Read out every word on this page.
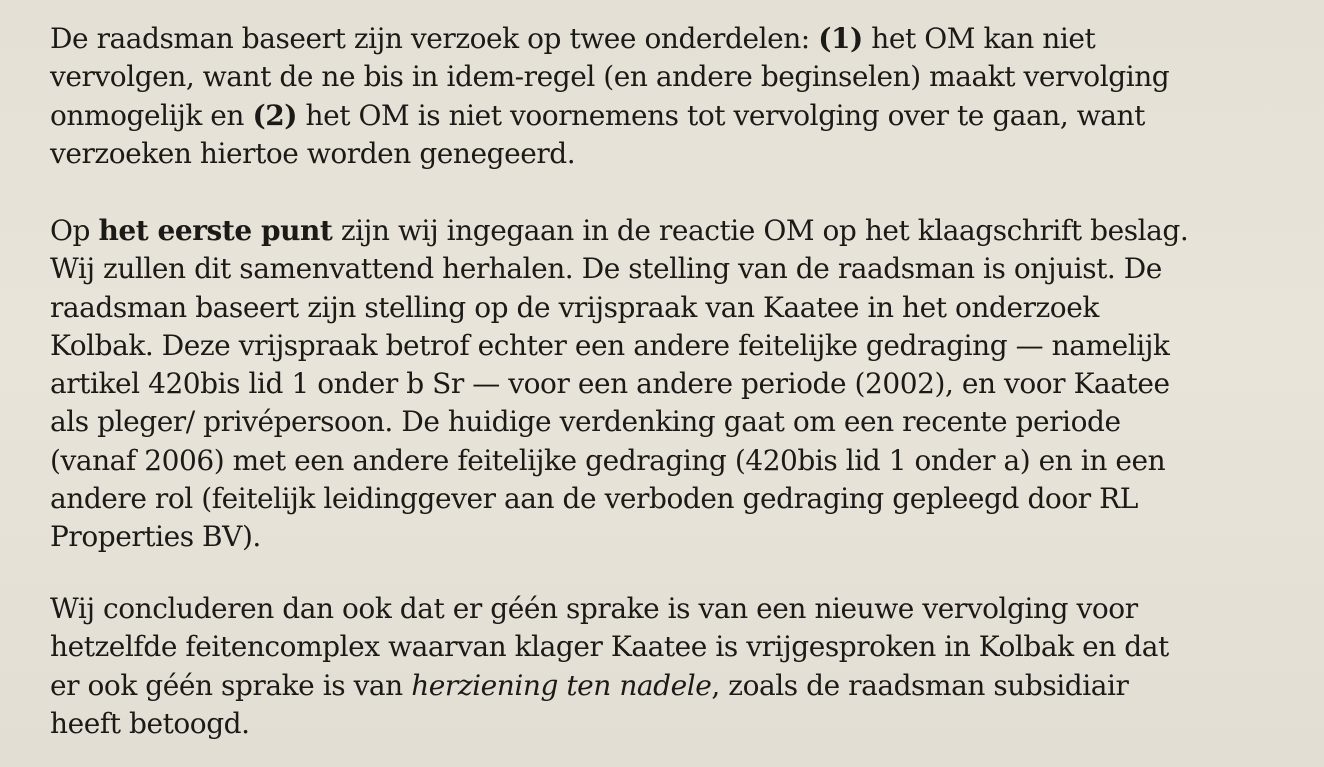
De raadsman baseert zijn verzoek op twee onderdelen: (1) het OM kan niet
vervolgen, want de ne bis in idem-regel (en andere beginselen) maakt vervolging
onmogelijk en (2) het OM is niet voornemens tot vervolging over te gaan, want
verzoeken hiertoe worden genegeerd.

Op het eerste punt zijn wij ingegaan in de reactie OM op het klaagschrift beslag.
Wij zullen dit samenvattend herhalen. De stelling van de raadsman is onjuist. De
raadsman baseert zijn stelling op de vrijspraak van Kaatee in het onderzoek
Kolbak. Deze vrijspraak betrof echter een andere feitelijke gedraging — namelijk
artikel 420bis lid 1 onder b Sr — voor een andere periode (2002), en voor Kaatee
als pleger/ privépersoon. De huidige verdenking gaat om een recente periode
(vanaf 2006) met een andere feitelijke gedraging (420bis lid 1 onder a) en in een
andere rol (feitelijk leidinggever aan de verboden gedraging gepleegd door RL
Properties BV).

Wij concluderen dan ook dat er géén sprake is van een nieuwe vervolging voor
hetzelfde feitencomplex waarvan klager Kaatee is vrijgesproken in Kolbak en dat
er ook géén sprake is van herziening ten nadele, zoals de raadsman subsidiair
heeft betoogd.
